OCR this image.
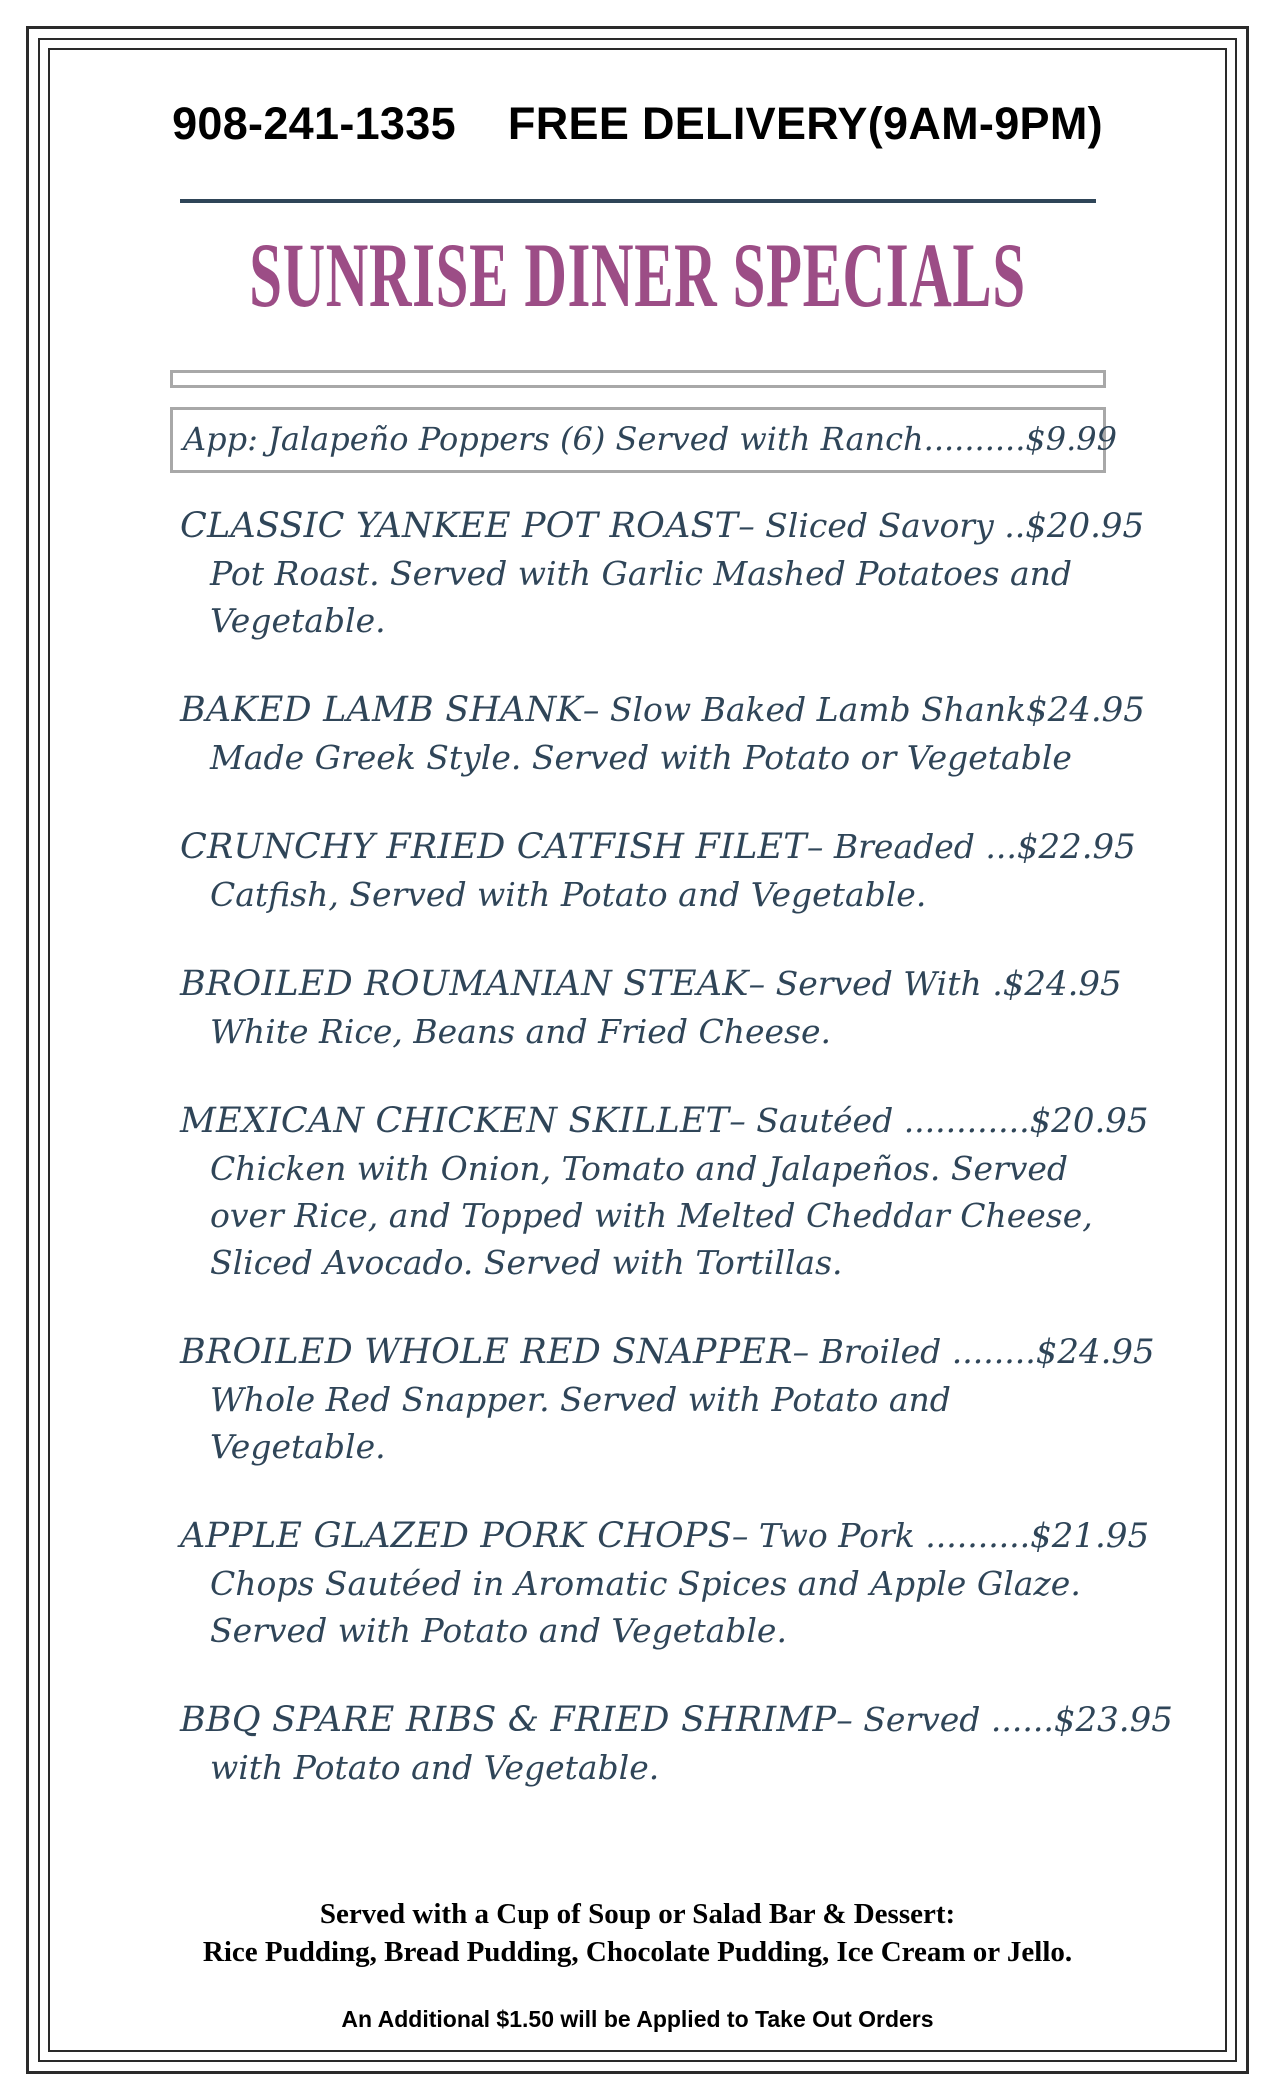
908-241-1335 FREE DELIVERY(9AM-9PM)
SUNRISE DINER SPECIALS
App: Jalapeño Poppers (6) Served with Ranch..........$9.99
CLASSIC YANKEE POT ROAST – Sliced Savory .. $20.95
Pot Roast. Served with Garlic Mashed Potatoes and
Vegetable.
BAKED LAMB SHANK – Slow Baked Lamb Shank $24.95
Made Greek Style. Served with Potato or Vegetable
CRUNCHY FRIED CATFISH FILET – Breaded ... $22.95
Catfish, Served with Potato and Vegetable.
BROILED ROUMANIAN STEAK – Served With . $24.95
White Rice, Beans and Fried Cheese.
MEXICAN CHICKEN SKILLET – Sautéed ............ $20.95
Chicken with Onion, Tomato and Jalapeños. Served
over Rice, and Topped with Melted Cheddar Cheese,
Sliced Avocado. Served with Tortillas.
BROILED WHOLE RED SNAPPER – Broiled ........ $24.95
Whole Red Snapper. Served with Potato and
Vegetable.
APPLE GLAZED PORK CHOPS – Two Pork .......... $21.95
Chops Sautéed in Aromatic Spices and Apple Glaze.
Served with Potato and Vegetable.
BBQ SPARE RIBS & FRIED SHRIMP – Served ...... $23.95
with Potato and Vegetable.
Served with a Cup of Soup or Salad Bar & Dessert:
Rice Pudding, Bread Pudding, Chocolate Pudding, Ice Cream or Jello.
An Additional $1.50 will be Applied to Take Out Orders
